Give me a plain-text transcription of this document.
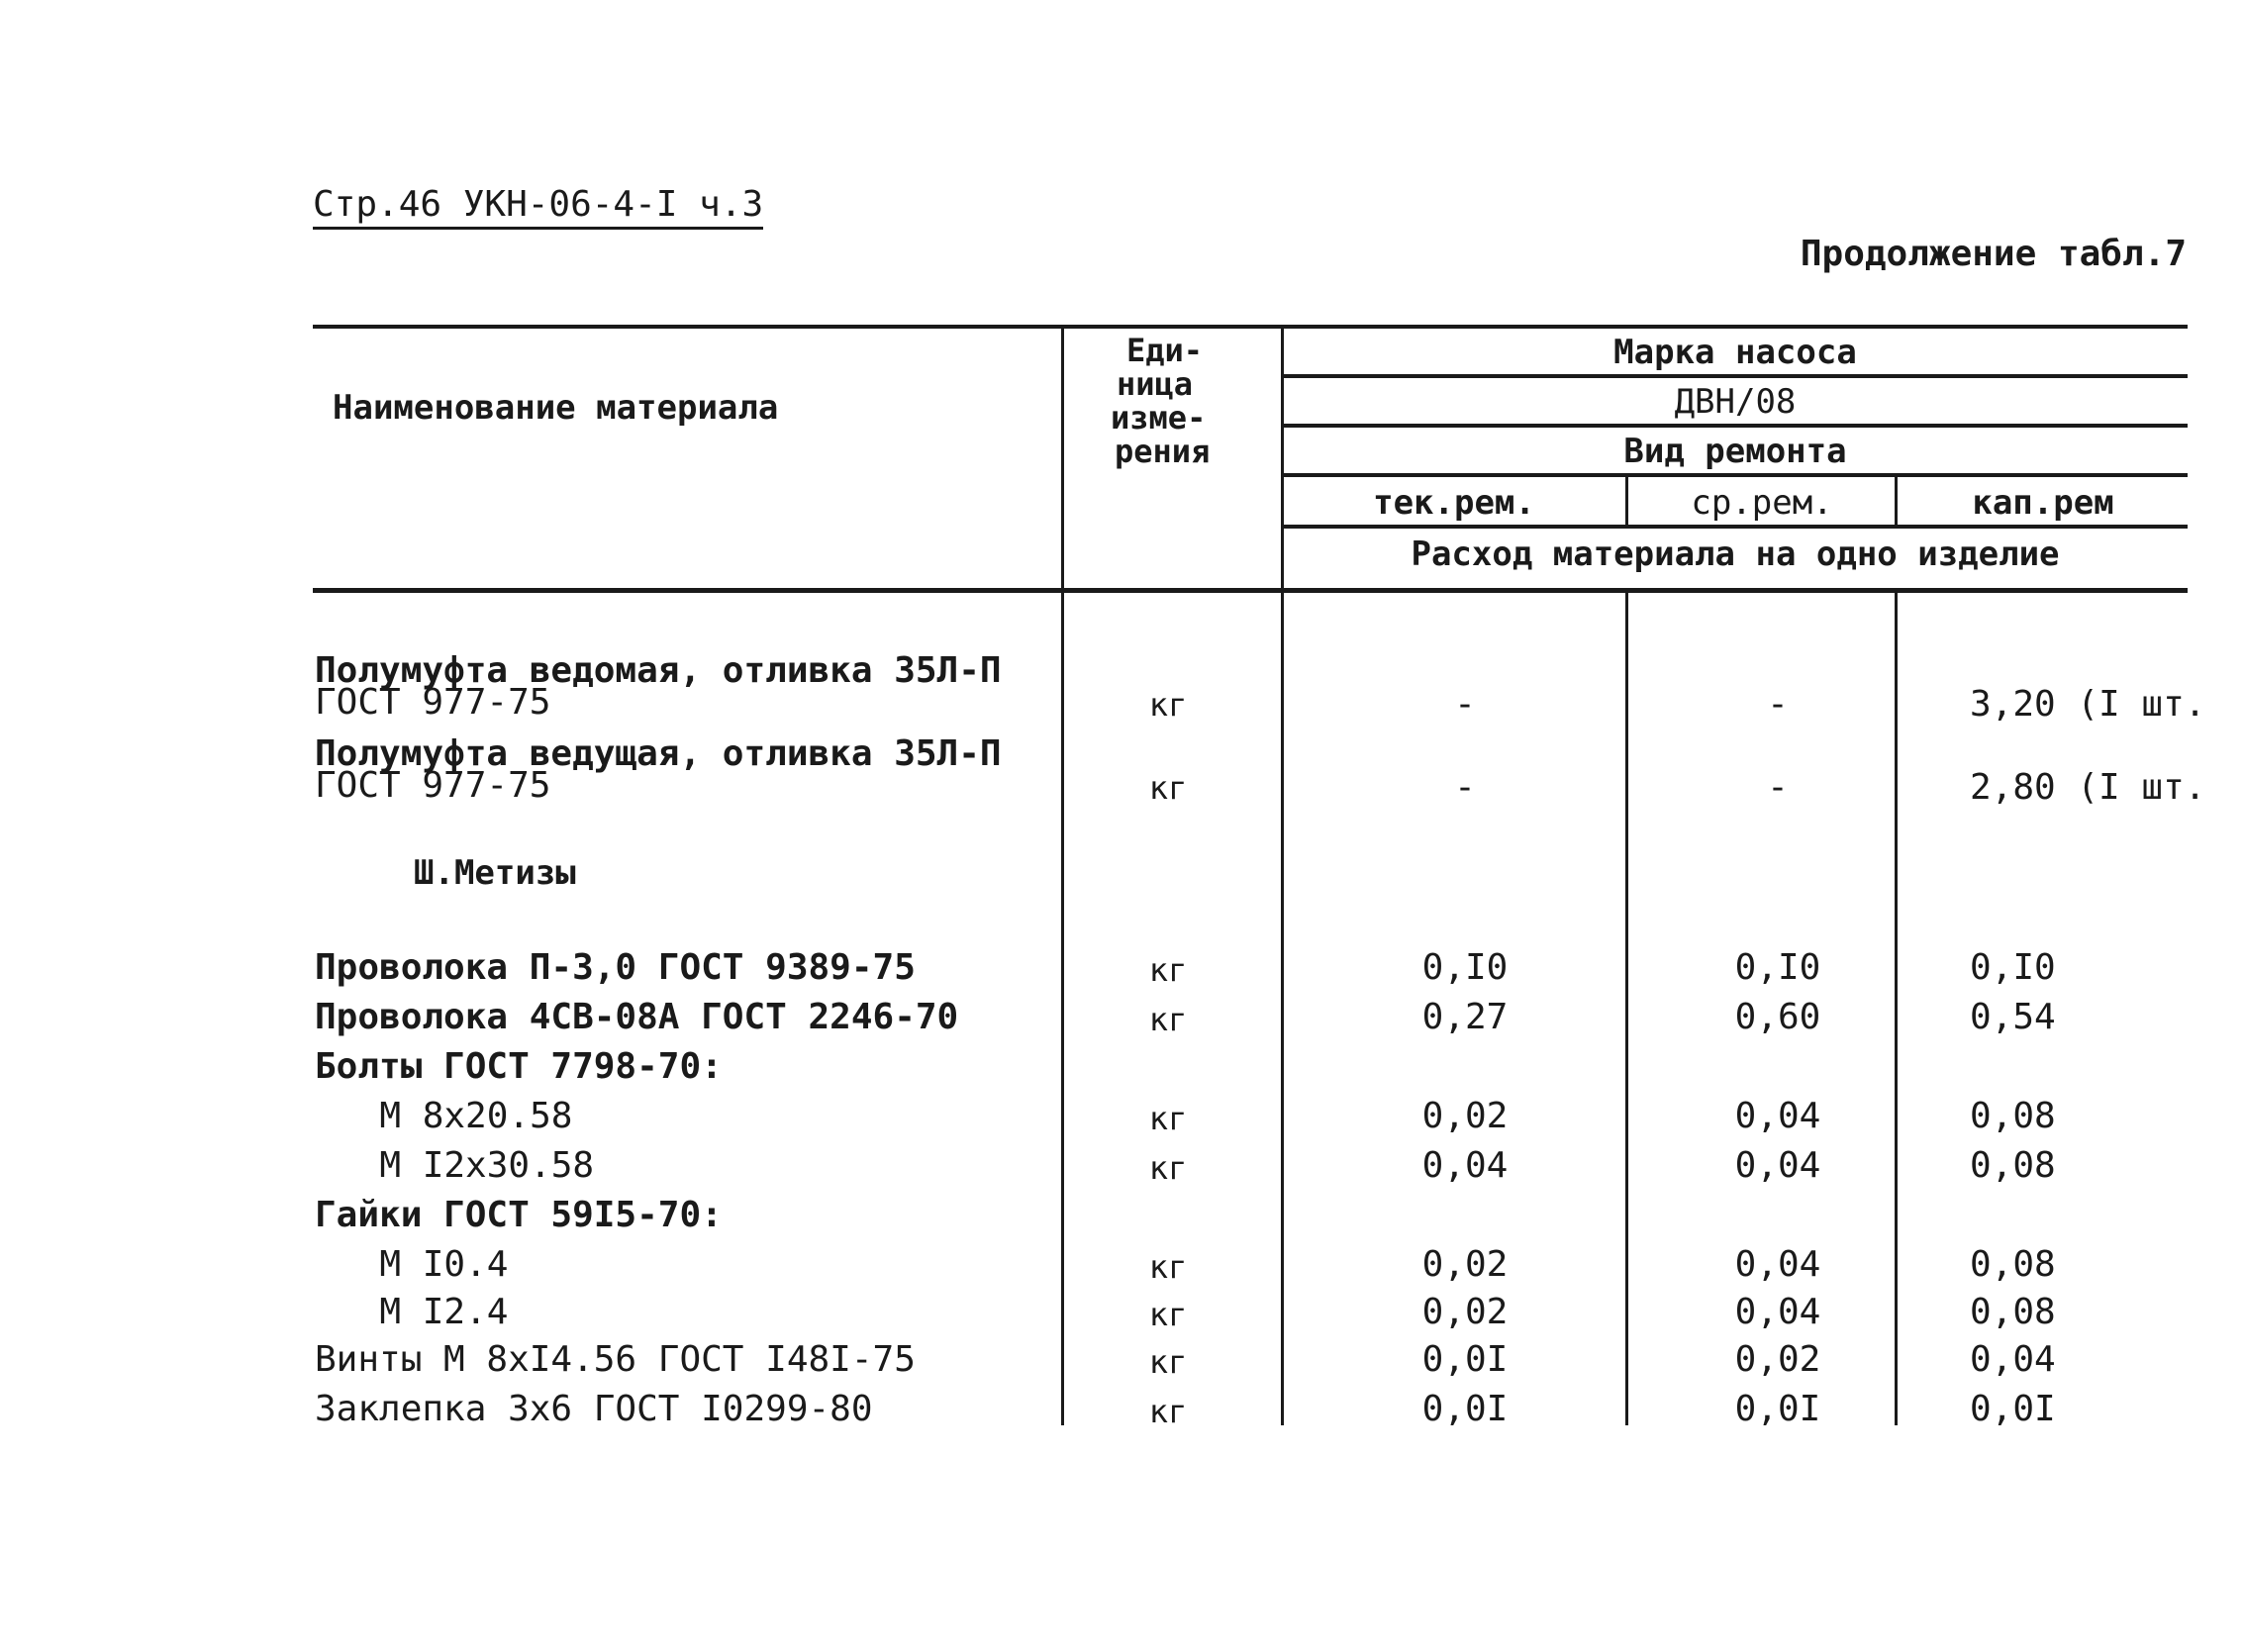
Стр.46 УКН-06-4-I ч.3
Продолжение табл.7
Наименование материала
Еди-
ница
изме-
рения
Марка насоса
ДВН/08
Вид ремонта
тек.рем.	ср.рем.	кап.рем
Расход материала на одно изделие
Полумуфта ведомая, отливка 35Л-П
ГОСТ 977-75	кг	-	-	3,20 (I шт.
Полумуфта ведущая, отливка 35Л-П
ГОСТ 977-75	кг	-	-	2,80 (I шт.
Ш.Метизы
Проволока П-3,0 ГОСТ 9389-75	кг	0,I0	0,I0	0,I0
Проволока 4СВ-08А ГОСТ 2246-70	кг	0,27	0,60	0,54
Болты ГОСТ 7798-70:
М 8х20.58	кг	0,02	0,04	0,08
М I2х30.58	кг	0,04	0,04	0,08
Гайки ГОСТ 59I5-70:
М I0.4	кг	0,02	0,04	0,08
М I2.4	кг	0,02	0,04	0,08
Винты М 8хI4.56 ГОСТ I48I-75	кг	0,0I	0,02	0,04
Заклепка 3х6 ГОСТ I0299-80	кг	0,0I	0,0I	0,0I
